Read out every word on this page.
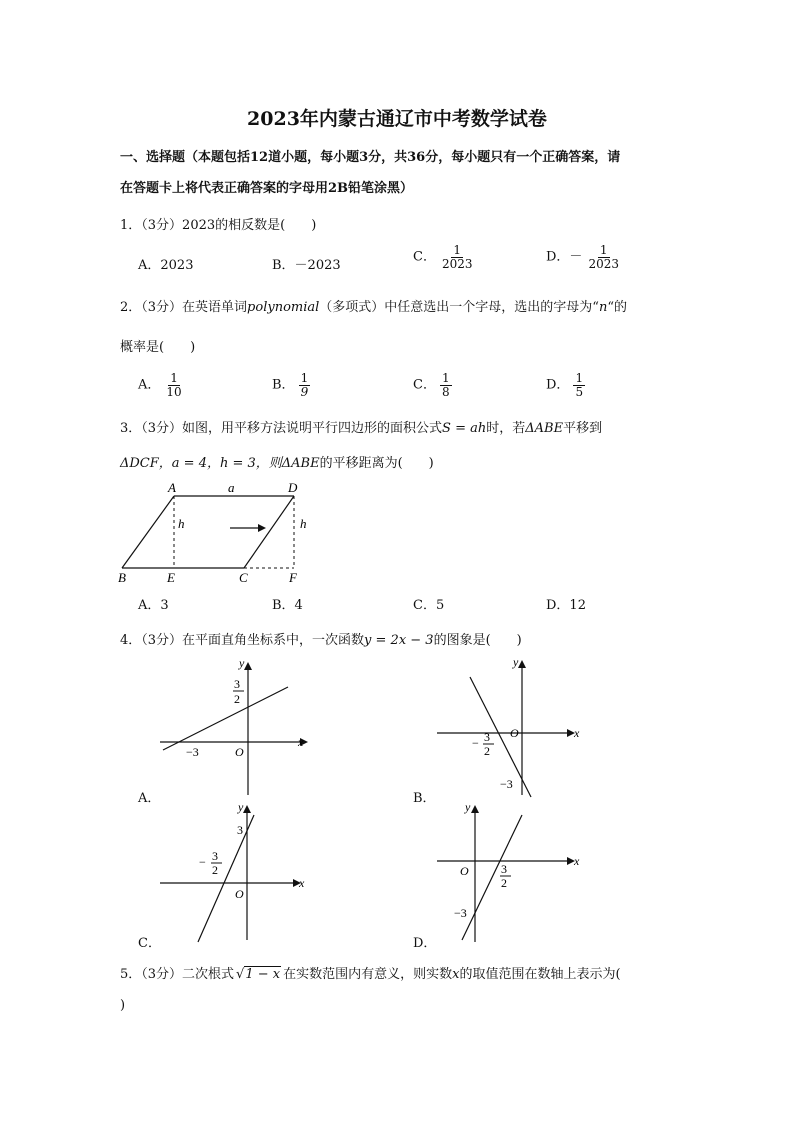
2023年内蒙古通辽市中考数学试卷
一、选择题（本题包括12道小题，每小题3分，共36分，每小题只有一个正确答案，请
在答题卡上将代表正确答案的字母用2B铅笔涂黑）
1．（3分）2023的相反数是(　　)
A．2023	B．－2023
C． $\frac{1}{2023}$	D．－ $\frac{1}{2023}$
2．（3分）在英语单词polynomial（多项式）中任意选出一个字母，选出的字母为“n“的
概率是(　　)
A． $\frac{1}{10}$	B． $\frac{1}{9}$	C． $\frac{1}{8}$	D． $\frac{1}{5}$
3．（3分）如图，用平移方法说明平行四边形的面积公式S = ah时，若ΔABE平移到
ΔDCF，a = 4，h = 3，则ΔABE的平移距离为(　　)
A	a	D
h	h
B	E	C	F
A．3	B．4	C．5	D．12
4．（3分）在平面直角坐标系中，一次函数y = 2x − 3的图象是(　　)
y
x
O
3
2
−3
A．
y
x
O
− 3
2
−3
B．
y
x
O
3
− 3
2
C．
y
x
O	3
2
−3
D．
5．（3分）二次根式 √1 − x 在实数范围内有意义，则实数x的取值范围在数轴上表示为(
)
